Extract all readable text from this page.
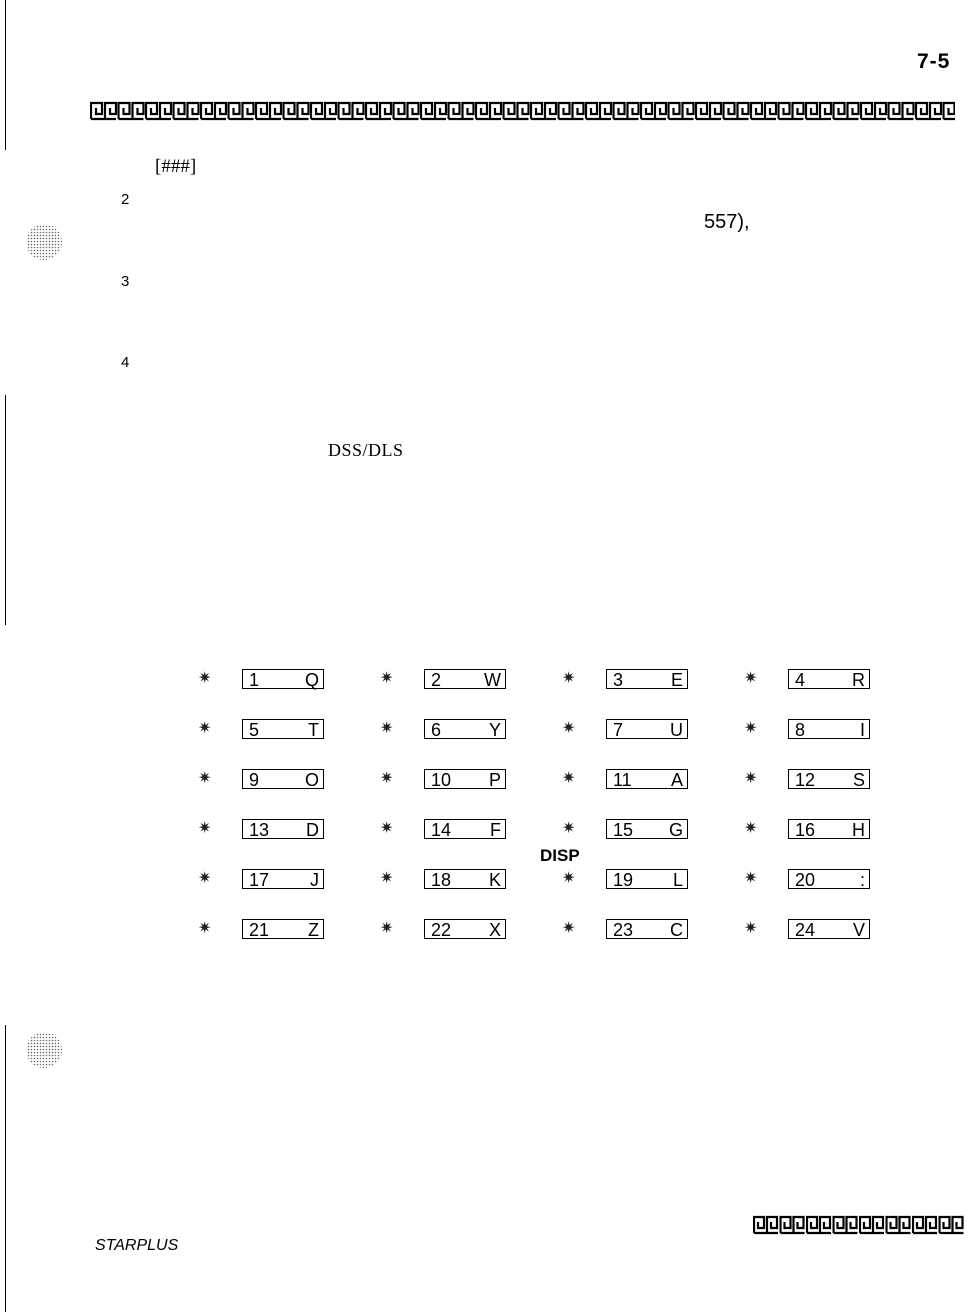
7-5
[###]
2
557),
3
4
DSS/DLS
✷ 1	Q	✷ 2 W	✷ 3	E	✷ 4	R
✷ 5	T	✷ 6	Y	✷ 7	U	✷ 8	I
✷ 9	O	✷ 10 P	✷ 11 A	✷ 12 S
✷ 13 D	✷ 14 F	✷ 15 G	✷ 16 H
✷ 17 J	✷ 18 K	✷ 19 L	✷ 20 :
✷ 21 Z	✷ 22 X	✷ 23 C	✷ 24 V
DISP
STARPLUS
